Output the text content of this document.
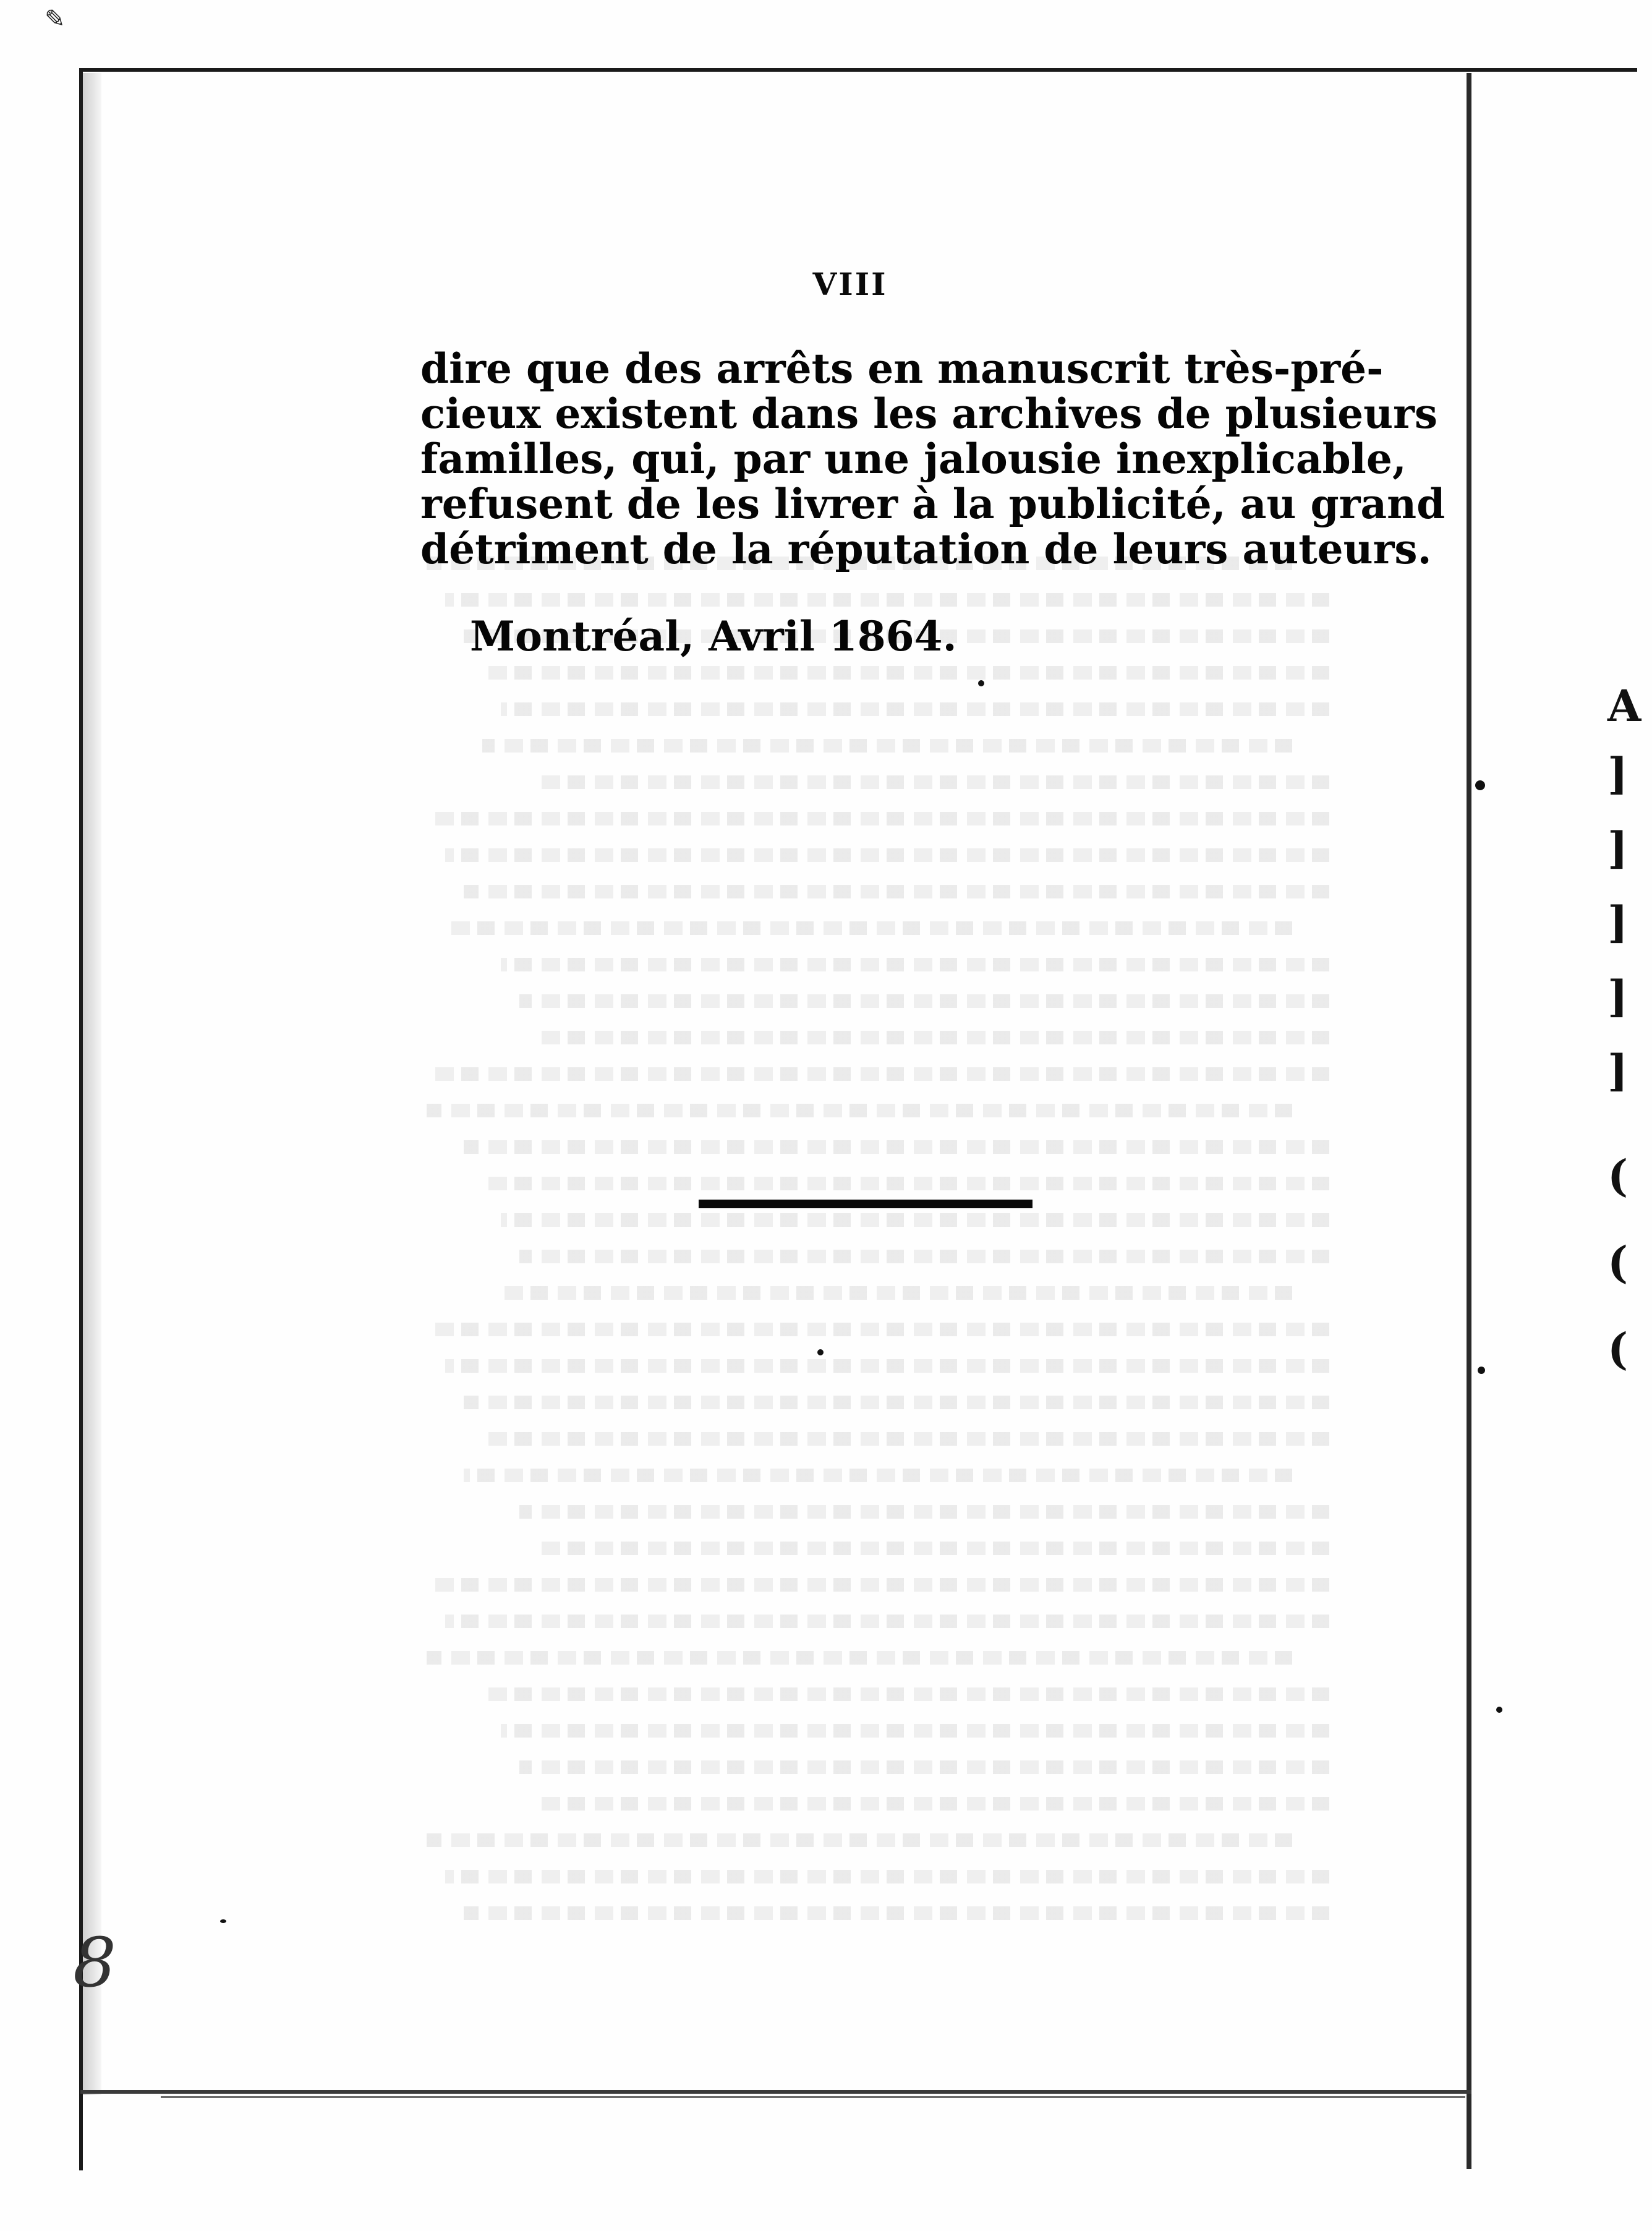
✎
A
]
]
]
]
]
(
(
(
VIII
dire que des arrêts en manuscrit très-pré-
cieux existent dans les archives de plusieurs
familles, qui, par une jalousie inexplicable,
refusent de les livrer à la publicité, au grand
détriment de la réputation de leurs auteurs.
Montréal, Avril 1864.
8
